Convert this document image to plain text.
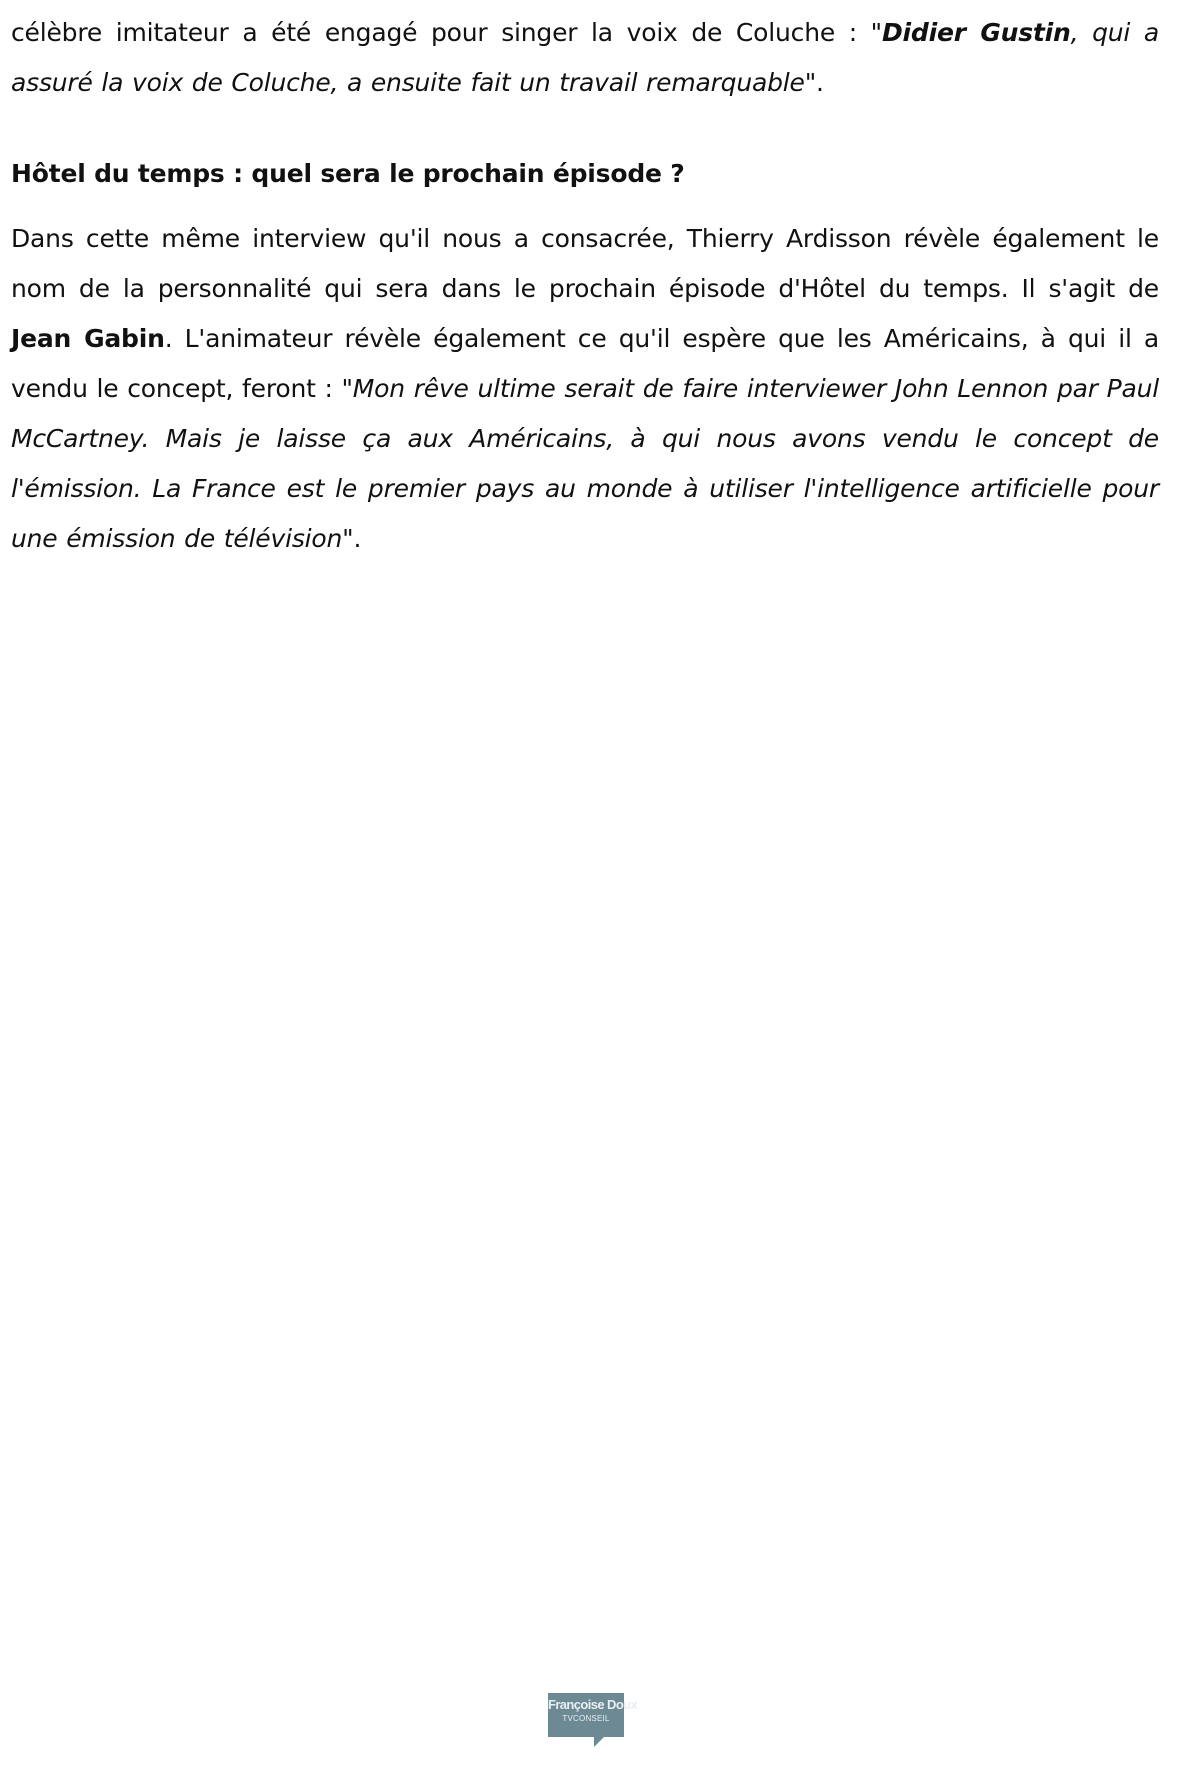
célèbre imitateur a été engagé pour singer la voix de Coluche : "Didier Gustin, qui a assuré la voix de Coluche, a ensuite fait un travail remarquable".

Hôtel du temps : quel sera le prochain épisode ?

Dans cette même interview qu'il nous a consacrée, Thierry Ardisson révèle également le nom de la personnalité qui sera dans le prochain épisode d'Hôtel du temps. Il s'agit de Jean Gabin. L'animateur révèle également ce qu'il espère que les Américains, à qui il a vendu le concept, feront : "Mon rêve ultime serait de faire interviewer John Lennon par Paul McCartney. Mais je laisse ça aux Américains, à qui nous avons vendu le concept de l'émission. La France est le premier pays au monde à utiliser l'intelligence artificielle pour une émission de télévision".

Françoise Doux
TVCONSEIL
